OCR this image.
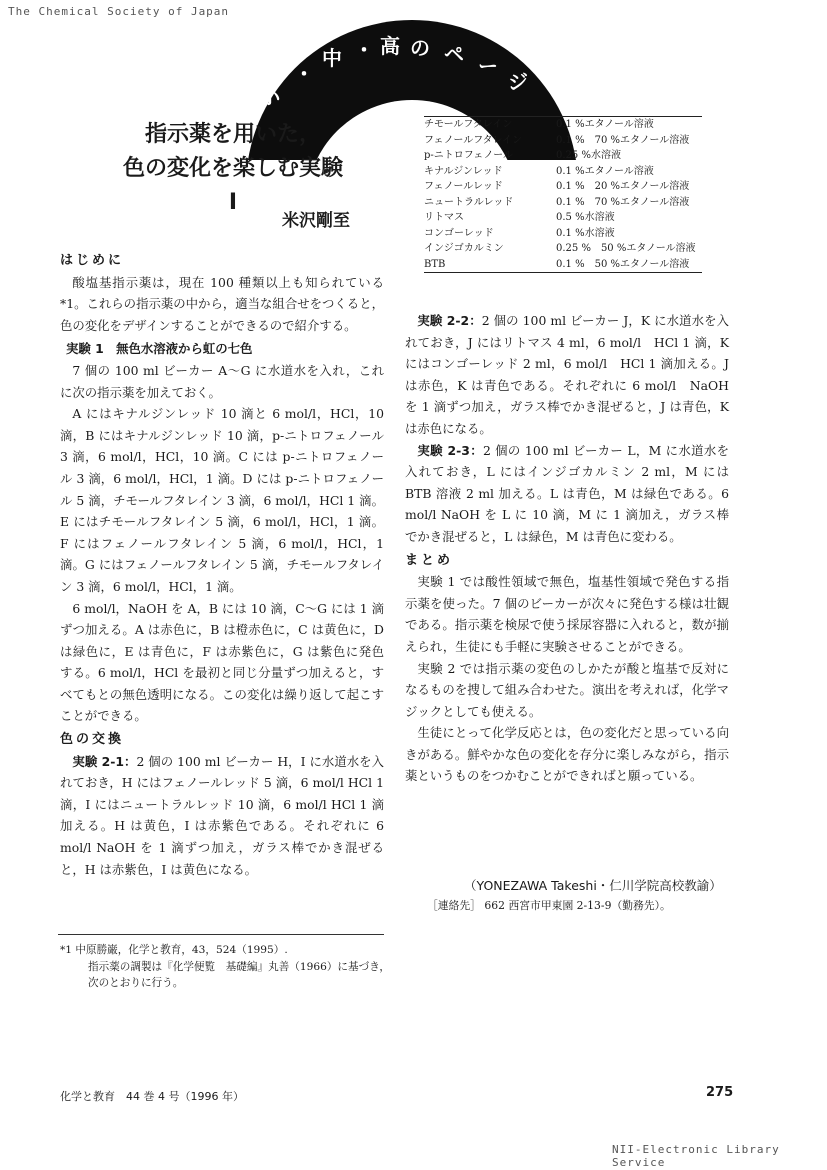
The Chemical Society of Japan
小
・
中 ・ 高 の ペ ー
ジ
指示薬を用いた，
色の変化を楽しむ実験 I
米沢剛至
はじめに

酸塩基指示薬は，現在 100 種類以上も知られている*1。これらの指示薬の中から，適当な組合せをつくると，色の変化をデザインすることができるので紹介する。

実験 1　無色水溶液から虹の七色

7 個の 100 ml ビーカー A〜G に水道水を入れ，これに次の指示薬を加えておく。

A にはキナルジンレッド 10 滴と 6 mol/l，HCl，10 滴，B にはキナルジンレッド 10 滴，p-ニトロフェノール 3 滴，6 mol/l，HCl，10 滴。C には p-ニトロフェノール 3 滴，6 mol/l，HCl，1 滴。D には p-ニトロフェノール 5 滴，チモールフタレイン 3 滴，6 mol/l，HCl 1 滴。E にはチモールフタレイン 5 滴，6 mol/l，HCl，1 滴。F にはフェノールフタレイン 5 滴，6 mol/l，HCl，1 滴。G にはフェノールフタレイン 5 滴，チモールフタレイン 3 滴，6 mol/l，HCl，1 滴。

6 mol/l，NaOH を A，B には 10 滴，C〜G には 1 滴ずつ加える。A は赤色に，B は橙赤色に，C は黄色に，D は緑色に，E は青色に，F は赤紫色に，G は紫色に発色する。6 mol/l，HCl を最初と同じ分量ずつ加えると，すべてもとの無色透明になる。この変化は繰り返して起こすことができる。

色の交換

実験 2-1：2 個の 100 ml ビーカー H，I に水道水を入れておき，H にはフェノールレッド 5 滴，6 mol/l HCl 1 滴，I にはニュートラルレッド 10 滴，6 mol/l HCl 1 滴加える。H は黄色，I は赤紫色である。それぞれに 6 mol/l NaOH を 1 滴ずつ加え，ガラス棒でかき混ぜると，H は赤紫色，I は黄色になる。

チモールフタレイン	0.1 %エタノール溶液
フェノールフタレイン	0.1 %　70 %エタノール溶液
p-ニトロフェノール	0.25 %水溶液
キナルジンレッド	0.1 %エタノール溶液
フェノールレッド	0.1 %　20 %エタノール溶液
ニュートラルレッド	0.1 %　70 %エタノール溶液
リトマス	0.5 %水溶液
コンゴーレッド	0.1 %水溶液
インジゴカルミン	0.25 %　50 %エタノール溶液
BTB	0.1 %　50 %エタノール溶液

実験 2-2：2 個の 100 ml ビーカー J，K に水道水を入れておき，J にはリトマス 4 ml，6 mol/l　HCl 1 滴，K にはコンゴーレッド 2 ml，6 mol/l　HCl 1 滴加える。J は赤色，K は青色である。それぞれに 6 mol/l　NaOH を 1 滴ずつ加え，ガラス棒でかき混ぜると，J は青色，K は赤色になる。

実験 2-3：2 個の 100 ml ビーカー L，M に水道水を入れておき，L にはインジゴカルミン 2 ml，M には BTB 溶液 2 ml 加える。L は青色，M は緑色である。6 mol/l NaOH を L に 10 滴，M に 1 滴加え，ガラス棒でかき混ぜると，L は緑色，M は青色に変わる。

まとめ

実験 1 では酸性領域で無色，塩基性領域で発色する指示薬を使った。7 個のビーカーが次々に発色する様は壮観である。指示薬を検尿で使う採尿容器に入れると，数が揃えられ，生徒にも手軽に実験させることができる。

実験 2 では指示薬の変色のしかたが酸と塩基で反対になるものを捜して組み合わせた。演出を考えれば，化学マジックとしても使える。

生徒にとって化学反応とは，色の変化だと思っている向きがある。鮮やかな色の変化を存分に楽しみながら，指示薬というものをつかむことができればと願っている。

（YONEZAWA Takeshi・仁川学院高校教諭）
［連絡先］ 662 西宮市甲東園 2-13-9（勤務先）。
*1 中原勝巌，化学と教育，43，524（1995）.
指示薬の調製は『化学便覧　基礎編』丸善（1966）に基づき，次のとおりに行う。
化学と教育　44 巻 4 号（1996 年）	275
NII-Electronic Library Service
